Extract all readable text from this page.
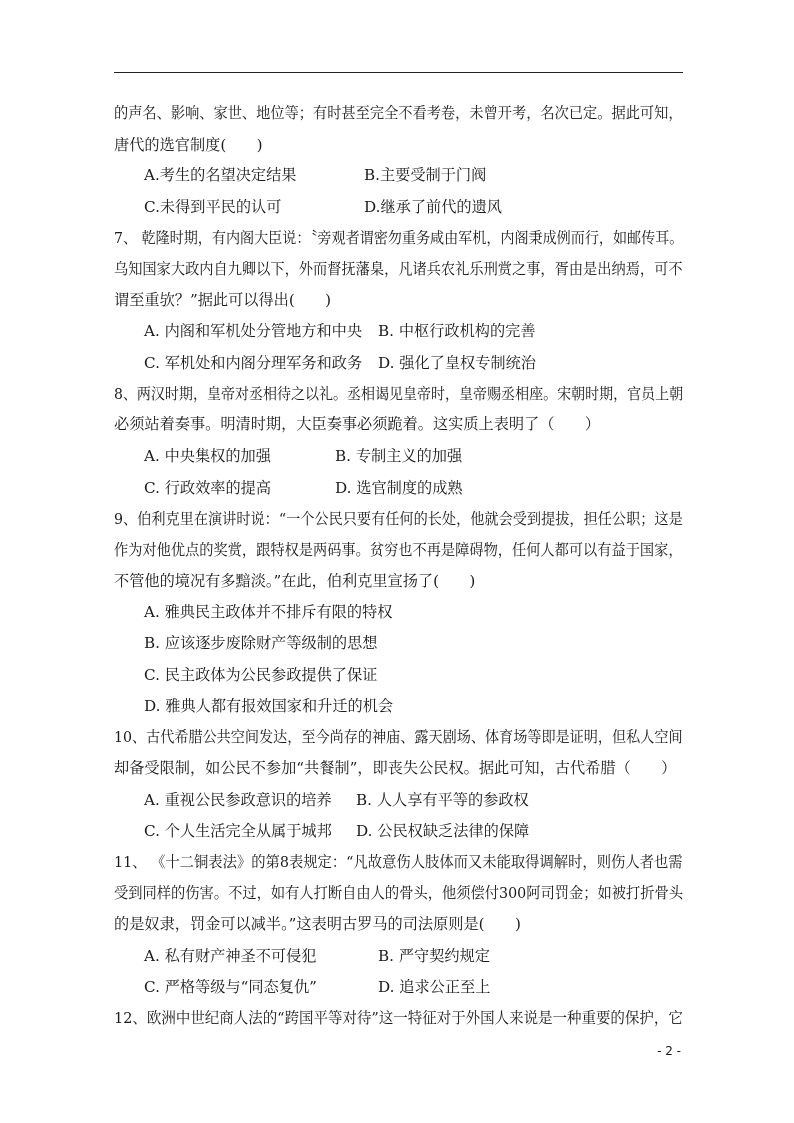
的声名、影响、家世、地位等；有时甚至完全不看考卷，未曾开考，名次已定。据此可知，
唐代的选官制度(　　)
A.考生的名望决定结果	B.主要受制于门阀
C.未得到平民的认可	D.继承了前代的遗风
7、 乾隆时期，有内阁大臣说：〝旁观者谓密勿重务咸由军机，内阁秉成例而行，如邮传耳。
乌知国家大政内自九卿以下，外而督抚藩臬，凡诸兵农礼乐刑赏之事，胥由是出纳焉，可不
谓至重欤？”据此可以得出(　　)
A. 内阁和军机处分管地方和中央 B. 中枢行政机构的完善
C. 军机处和内阁分理军务和政务 D. 强化了皇权专制统治
8、两汉时期，皇帝对丞相待之以礼。丞相谒见皇帝时，皇帝赐丞相座。宋朝时期，官员上朝
必须站着奏事。明清时期，大臣奏事必须跪着。这实质上表明了（　　）
A. 中央集权的加强	B. 专制主义的加强
C. 行政效率的提高	D. 选官制度的成熟
9、伯利克里在演讲时说：“一个公民只要有任何的长处，他就会受到提拔，担任公职；这是
作为对他优点的奖赏，跟特权是两码事。贫穷也不再是障碍物，任何人都可以有益于国家，
不管他的境况有多黯淡。”在此，伯利克里宣扬了(　　)
A. 雅典民主政体并不排斥有限的特权
B. 应该逐步废除财产等级制的思想
C. 民主政体为公民参政提供了保证
D. 雅典人都有报效国家和升迁的机会
10、古代希腊公共空间发达，至今尚存的神庙、露天剧场、体育场等即是证明，但私人空间
却备受限制，如公民不参加“共餐制”，即丧失公民权。据此可知，古代希腊（　　）
A. 重视公民参政意识的培养 B. 人人享有平等的参政权
C. 个人生活完全从属于城邦 D. 公民权缺乏法律的保障
11、 《十二铜表法》的第8表规定：“凡故意伤人肢体而又未能取得调解时，则伤人者也需
受到同样的伤害。不过，如有人打断自由人的骨头，他须偿付300阿司罚金；如被打折骨头
的是奴隶，罚金可以减半。”这表明古罗马的司法原则是(　　)
A. 私有财产神圣不可侵犯	B. 严守契约规定
C. 严格等级与“同态复仇”	D. 追求公正至上
12、欧洲中世纪商人法的“跨国平等对待”这一特征对于外国人来说是一种重要的保护，它
- 2 -
